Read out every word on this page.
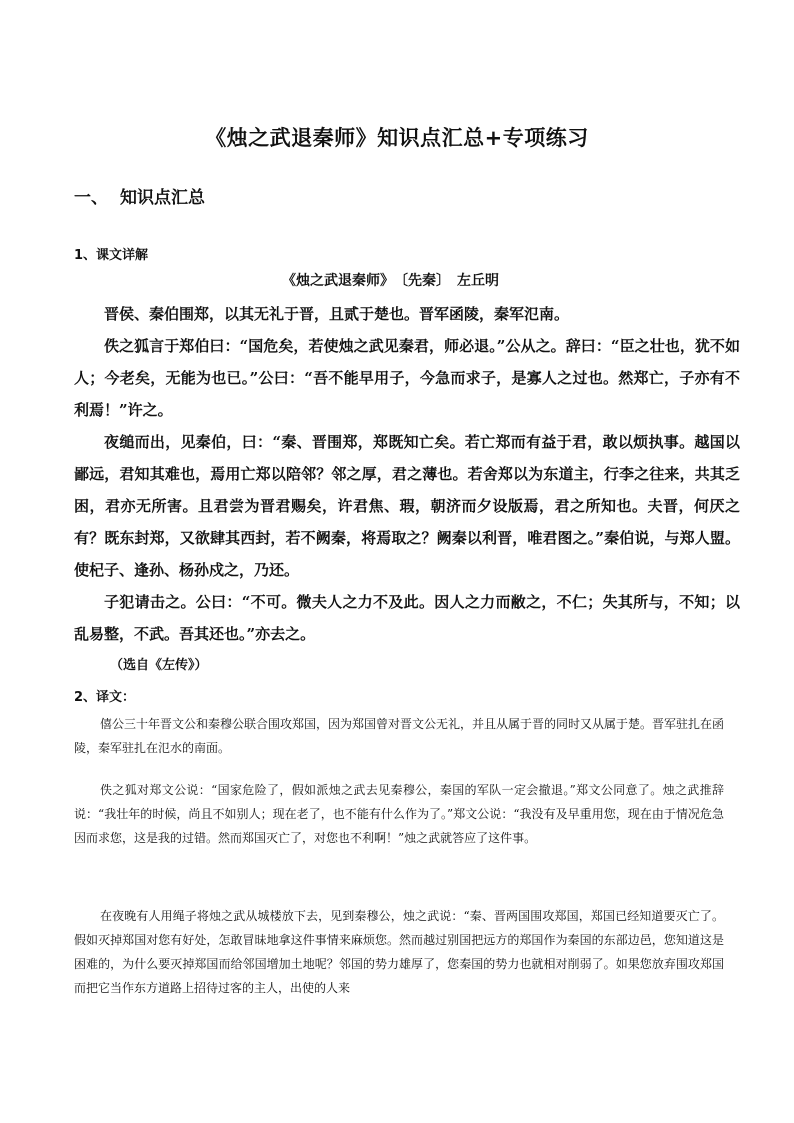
《烛之武退秦师》知识点汇总+专项练习
一、 知识点汇总
1、课文详解
《烛之武退秦师》　〔先秦〕　左丘明

晋侯、秦伯围郑，以其无礼于晋，且贰于楚也。晋军函陵，秦军氾南。

佚之狐言于郑伯曰：“国危矣，若使烛之武见秦君，师必退。”公从之。辞曰：“臣之壮也，犹不如人；今老矣，无能为也已。”公曰：“吾不能早用子，今急而求子，是寡人之过也。然郑亡，子亦有不利焉！”许之。

夜缒而出，见秦伯，曰：“秦、晋围郑，郑既知亡矣。若亡郑而有益于君，敢以烦执事。越国以鄙远，君知其难也，焉用亡郑以陪邻？邻之厚，君之薄也。若舍郑以为东道主，行李之往来，共其乏困，君亦无所害。且君尝为晋君赐矣，许君焦、瑕，朝济而夕设版焉，君之所知也。夫晋，何厌之有？既东封郑，又欲肆其西封，若不阙秦，将焉取之？阙秦以利晋，唯君图之。”秦伯说，与郑人盟。使杞子、逢孙、杨孙戍之，乃还。

子犯请击之。公曰：“不可。微夫人之力不及此。因人之力而敝之，不仁；失其所与，不知；以乱易整，不武。吾其还也。”亦去之。

（选自《左传》）
2、译文：

僖公三十年晋文公和秦穆公联合围攻郑国，因为郑国曾对晋文公无礼，并且从属于晋的同时又从属于楚。晋军驻扎在函陵，秦军驻扎在氾水的南面。

佚之狐对郑文公说：“国家危险了，假如派烛之武去见秦穆公，秦国的军队一定会撤退。”郑文公同意了。烛之武推辞说：“我壮年的时候，尚且不如别人；现在老了，也不能有什么作为了。”郑文公说：“我没有及早重用您，现在由于情况危急因而求您，这是我的过错。然而郑国灭亡了，对您也不利啊！”烛之武就答应了这件事。

在夜晚有人用绳子将烛之武从城楼放下去，见到秦穆公，烛之武说：“秦、晋两国围攻郑国，郑国已经知道要灭亡了。假如灭掉郑国对您有好处，怎敢冒昧地拿这件事情来麻烦您。然而越过别国把远方的郑国作为秦国的东部边邑，您知道这是困难的，为什么要灭掉郑国而给邻国增加土地呢？邻国的势力雄厚了，您秦国的势力也就相对削弱了。如果您放弃围攻郑国而把它当作东方道路上招待过客的主人，出使的人来
